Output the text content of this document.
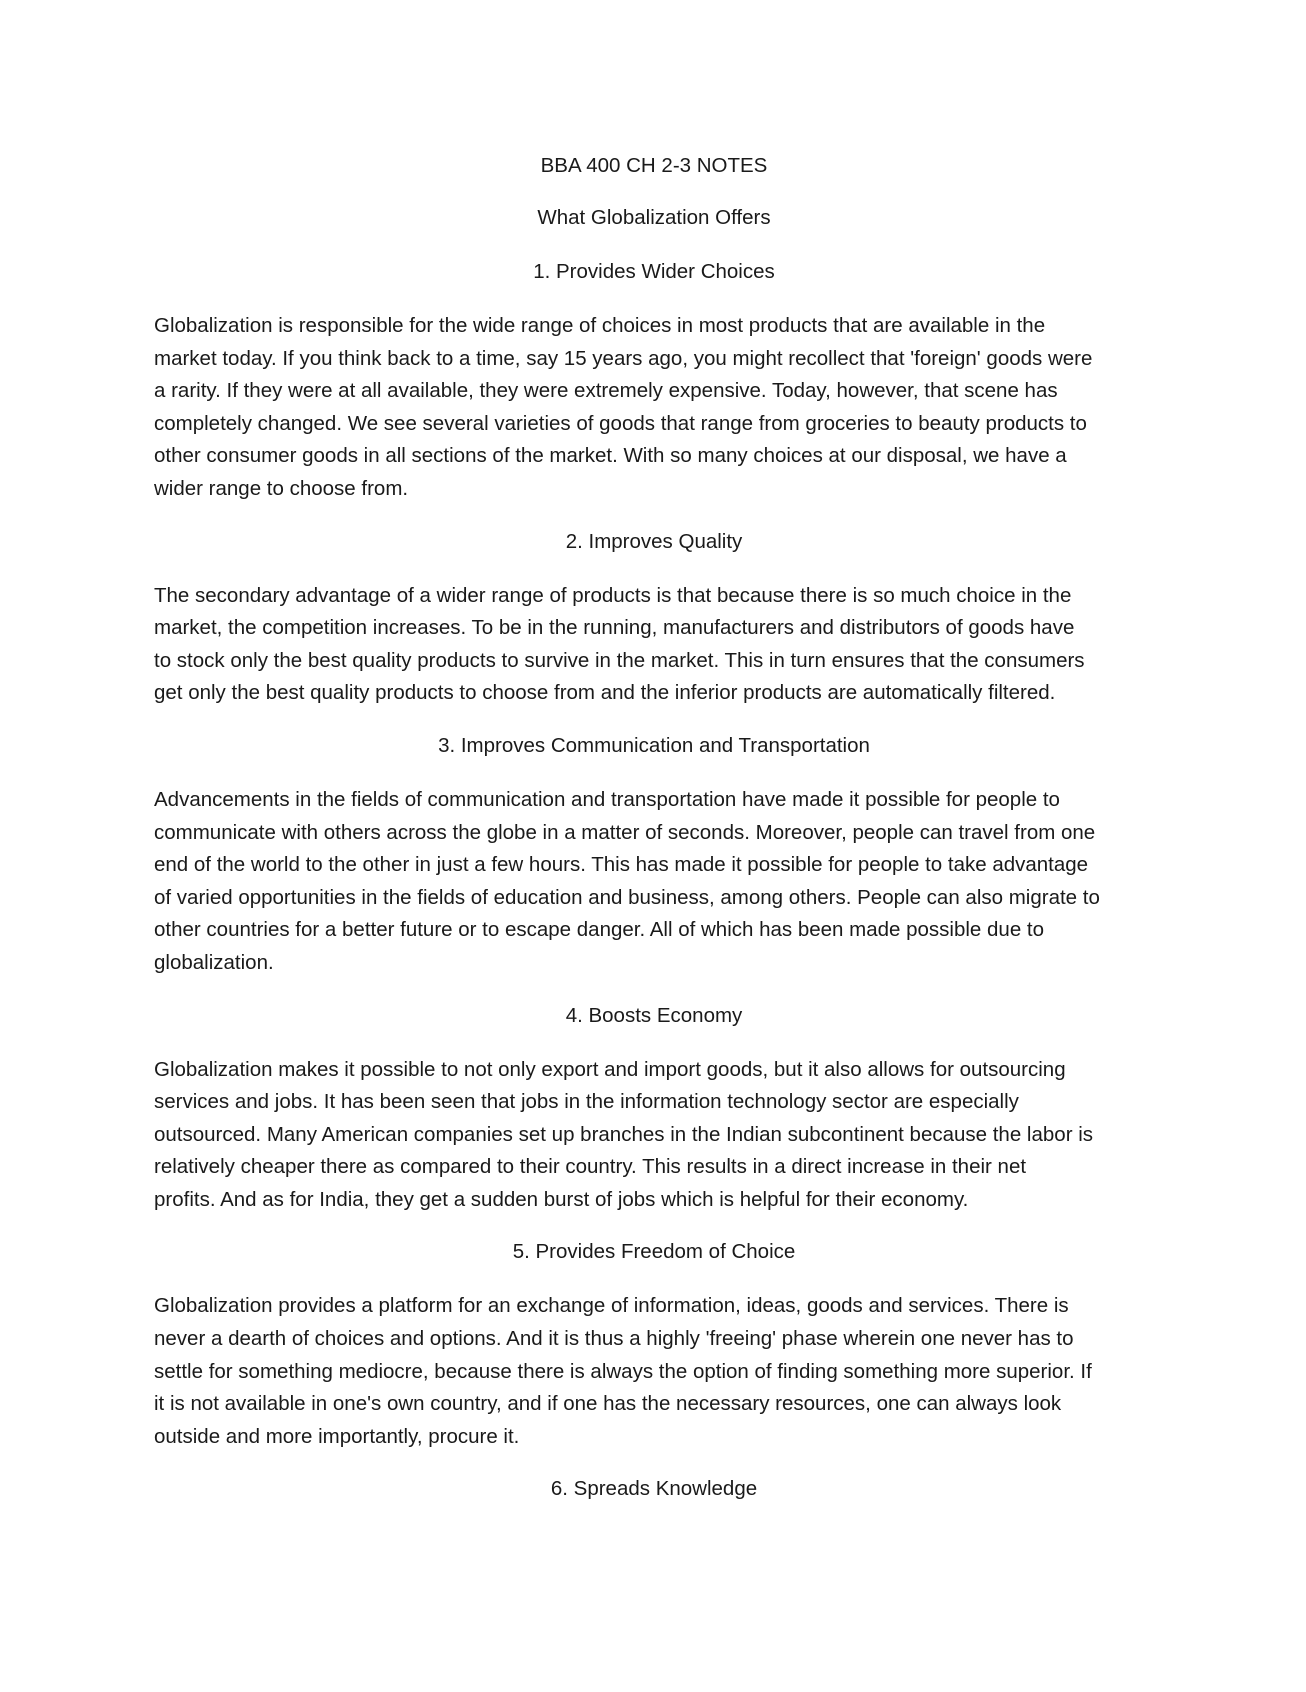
BBA 400 CH 2-3 NOTES
What Globalization Offers
1. Provides Wider Choices
Globalization is responsible for the wide range of choices in most products that are available in the
market today. If you think back to a time, say 15 years ago, you might recollect that 'foreign' goods were
a rarity. If they were at all available, they were extremely expensive. Today, however, that scene has
completely changed. We see several varieties of goods that range from groceries to beauty products to
other consumer goods in all sections of the market. With so many choices at our disposal, we have a
wider range to choose from.
2. Improves Quality
The secondary advantage of a wider range of products is that because there is so much choice in the
market, the competition increases. To be in the running, manufacturers and distributors of goods have
to stock only the best quality products to survive in the market. This in turn ensures that the consumers
get only the best quality products to choose from and the inferior products are automatically filtered.
3. Improves Communication and Transportation
Advancements in the fields of communication and transportation have made it possible for people to
communicate with others across the globe in a matter of seconds. Moreover, people can travel from one
end of the world to the other in just a few hours. This has made it possible for people to take advantage
of varied opportunities in the fields of education and business, among others. People can also migrate to
other countries for a better future or to escape danger. All of which has been made possible due to
globalization.
4. Boosts Economy
Globalization makes it possible to not only export and import goods, but it also allows for outsourcing
services and jobs. It has been seen that jobs in the information technology sector are especially
outsourced. Many American companies set up branches in the Indian subcontinent because the labor is
relatively cheaper there as compared to their country. This results in a direct increase in their net
profits. And as for India, they get a sudden burst of jobs which is helpful for their economy.
5. Provides Freedom of Choice
Globalization provides a platform for an exchange of information, ideas, goods and services. There is
never a dearth of choices and options. And it is thus a highly 'freeing' phase wherein one never has to
settle for something mediocre, because there is always the option of finding something more superior. If
it is not available in one's own country, and if one has the necessary resources, one can always look
outside and more importantly, procure it.
6. Spreads Knowledge
